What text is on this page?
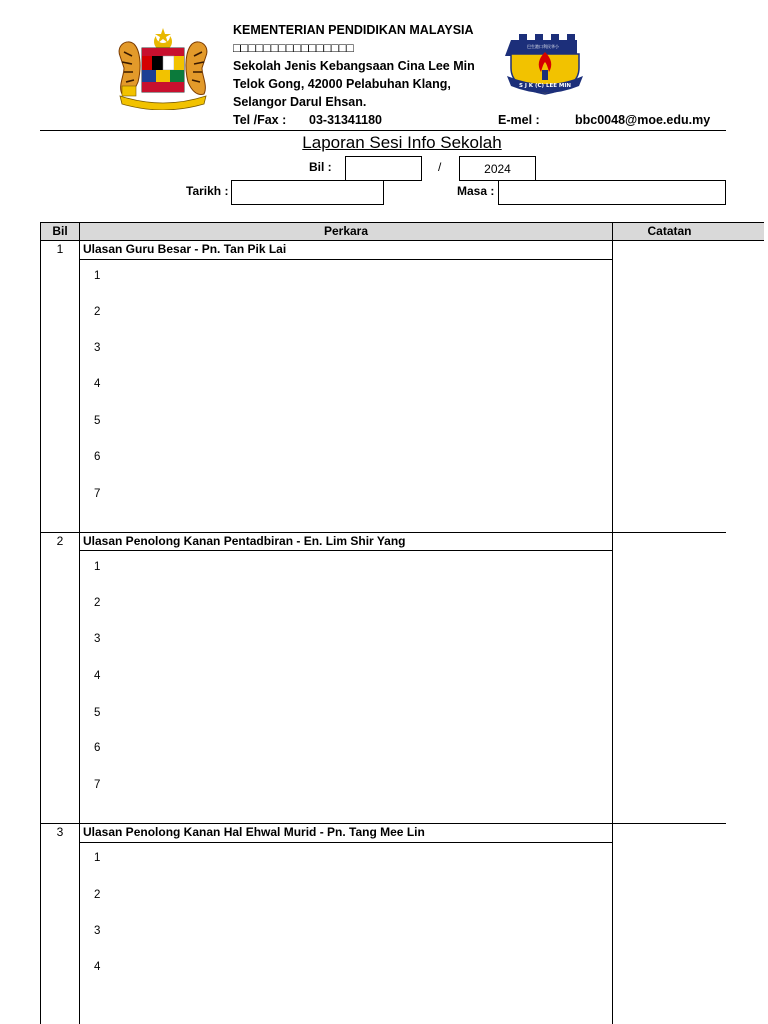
KEMENTERIAN PENDIDIKAN MALAYSIA
□□□□□□□□□□□□□□□□
Sekolah Jenis Kebangsaan Cina Lee Min
Telok Gong, 42000 Pelabuhan Klang,
Selangor Darul Ehsan.
Tel /Fax : 03-31341180	E-mel :	bbc0048@moe.edu.my
S J K (C) LEE MIN
巴生港口利民华小
Laporan Sesi Info Sekolah
Bil :	/	2024
Tarikh :	Masa :
Bil	Perkara	Catatan
1	Ulasan Guru Besar - Pn. Tan Pik Lai
1
2
3
4
5
6
7
2	Ulasan Penolong Kanan Pentadbiran - En. Lim Shir Yang
1
2
3
4
5
6
7
3	Ulasan Penolong Kanan Hal Ehwal Murid - Pn. Tang Mee Lin
1
2
3
4
